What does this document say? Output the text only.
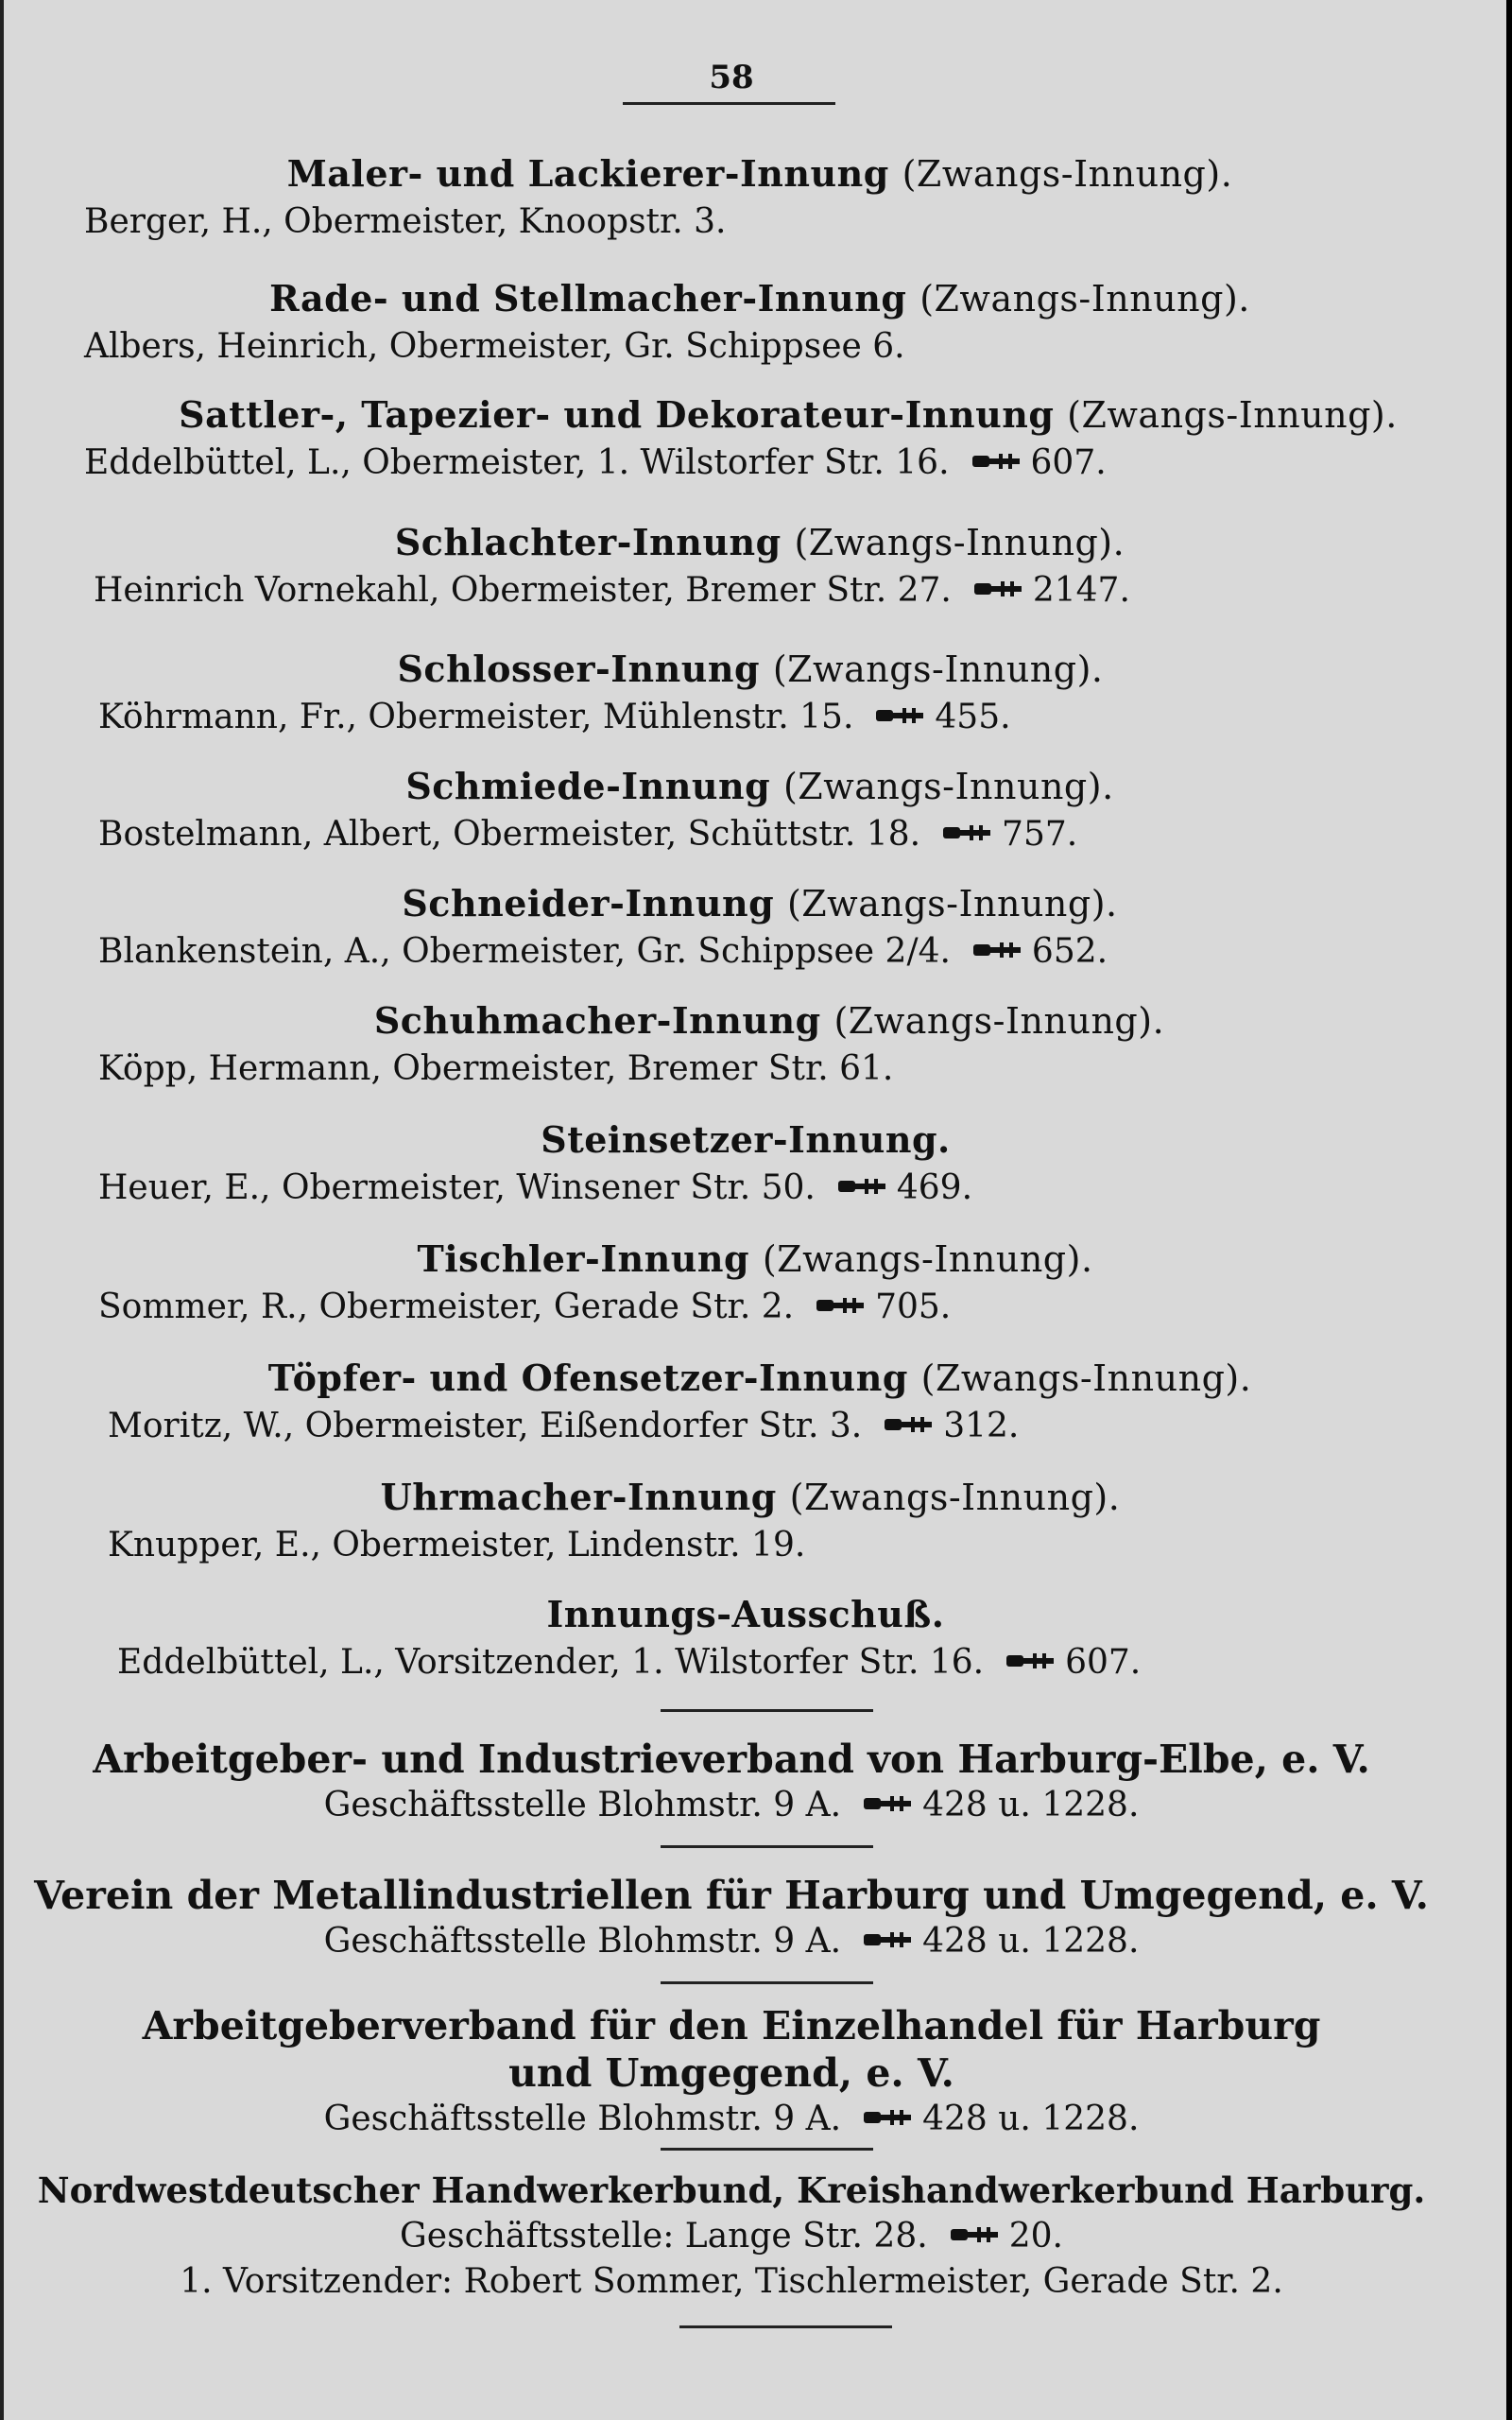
58
Maler- und Lackierer-Innung (Zwangs-Innung).
Berger, H., Obermeister, Knoopstr. 3.
Rade- und Stellmacher-Innung (Zwangs-Innung).
Albers, Heinrich, Obermeister, Gr. Schippsee 6.
Sattler-, Tapezier- und Dekorateur-Innung (Zwangs-Innung).
Eddelbüttel, L., Obermeister, 1. Wilstorfer Str. 16. 607.
Schlachter-Innung (Zwangs-Innung).
Heinrich Vornekahl, Obermeister, Bremer Str. 27. 2147.
Schlosser-Innung (Zwangs-Innung).
Köhrmann, Fr., Obermeister, Mühlenstr. 15. 455.
Schmiede-Innung (Zwangs-Innung).
Bostelmann, Albert, Obermeister, Schüttstr. 18. 757.
Schneider-Innung (Zwangs-Innung).
Blankenstein, A., Obermeister, Gr. Schippsee 2/4. 652.
Schuhmacher-Innung (Zwangs-Innung).
Köpp, Hermann, Obermeister, Bremer Str. 61.
Steinsetzer-Innung.
Heuer, E., Obermeister, Winsener Str. 50. 469.
Tischler-Innung (Zwangs-Innung).
Sommer, R., Obermeister, Gerade Str. 2. 705.
Töpfer- und Ofensetzer-Innung (Zwangs-Innung).
Moritz, W., Obermeister, Eißendorfer Str. 3. 312.
Uhrmacher-Innung (Zwangs-Innung).
Knupper, E., Obermeister, Lindenstr. 19.
Innungs-Ausschuß.
Eddelbüttel, L., Vorsitzender, 1. Wilstorfer Str. 16. 607.
Arbeitgeber- und Industrieverband von Harburg-Elbe, e. V.
Geschäftsstelle Blohmstr. 9 A. 428 u. 1228.
Verein der Metallindustriellen für Harburg und Umgegend, e. V.
Geschäftsstelle Blohmstr. 9 A. 428 u. 1228.
Arbeitgeberverband für den Einzelhandel für Harburg
und Umgegend, e. V.
Geschäftsstelle Blohmstr. 9 A. 428 u. 1228.
Nordwestdeutscher Handwerkerbund, Kreishandwerkerbund Harburg.
Geschäftsstelle: Lange Str. 28. 20.
1. Vorsitzender: Robert Sommer, Tischlermeister, Gerade Str. 2.
